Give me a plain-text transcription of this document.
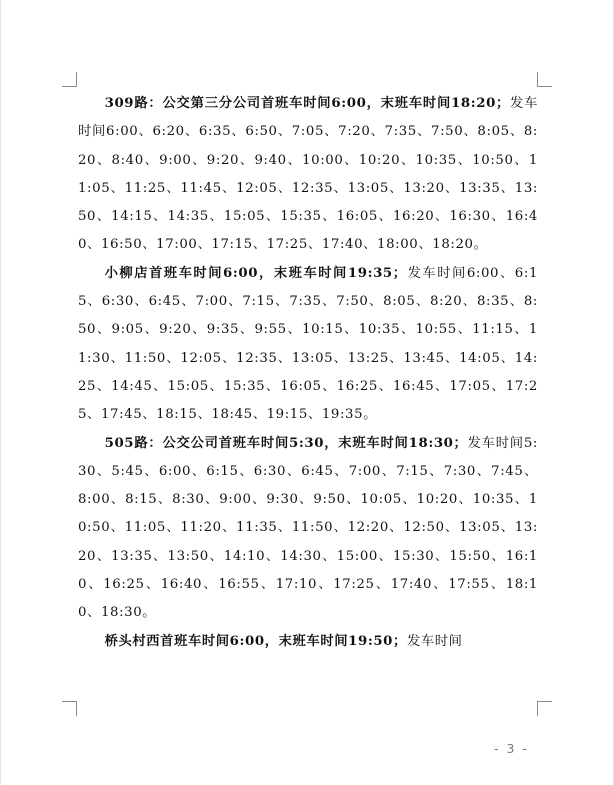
309路：公交第三分公司首班车时间6:00，末班车时间18:20；发车时间6:00、6:20、6:35、6:50、7:05、7:20、7:35、7:50、8:05、8:20、8:40、9:00、9:20、9:40、10:00、10:20、10:35、10:50、11:05、11:25、11:45、12:05、12:35、13:05、13:20、13:35、13:50、14:15、14:35、15:05、15:35、16:05、16:20、16:30、16:40、16:50、17:00、17:15、17:25、17:40、18:00、18:20。

小柳店首班车时间6:00，末班车时间19:35；发车时间6:00、6:15、6:30、6:45、7:00、7:15、7:35、7:50、8:05、8:20、8:35、8:50、9:05、9:20、9:35、9:55、10:15、10:35、10:55、11:15、11:30、11:50、12:05、12:35、13:05、13:25、13:45、14:05、14:25、14:45、15:05、15:35、16:05、16:25、16:45、17:05、17:25、17:45、18:15、18:45、19:15、19:35。

505路：公交公司首班车时间5:30，末班车时间18:30；发车时间5:30、5:45、6:00、6:15、6:30、6:45、7:00、7:15、7:30、7:45、8:00、8:15、8:30、9:00、9:30、9:50、10:05、10:20、10:35、10:50、11:05、11:20、11:35、11:50、12:20、12:50、13:05、13:20、13:35、13:50、14:10、14:30、15:00、15:30、15:50、16:10、16:25、16:40、16:55、17:10、17:25、17:40、17:55、18:10、18:30。

桥头村西首班车时间6:00，末班车时间19:50；发车时间

- 3 -
